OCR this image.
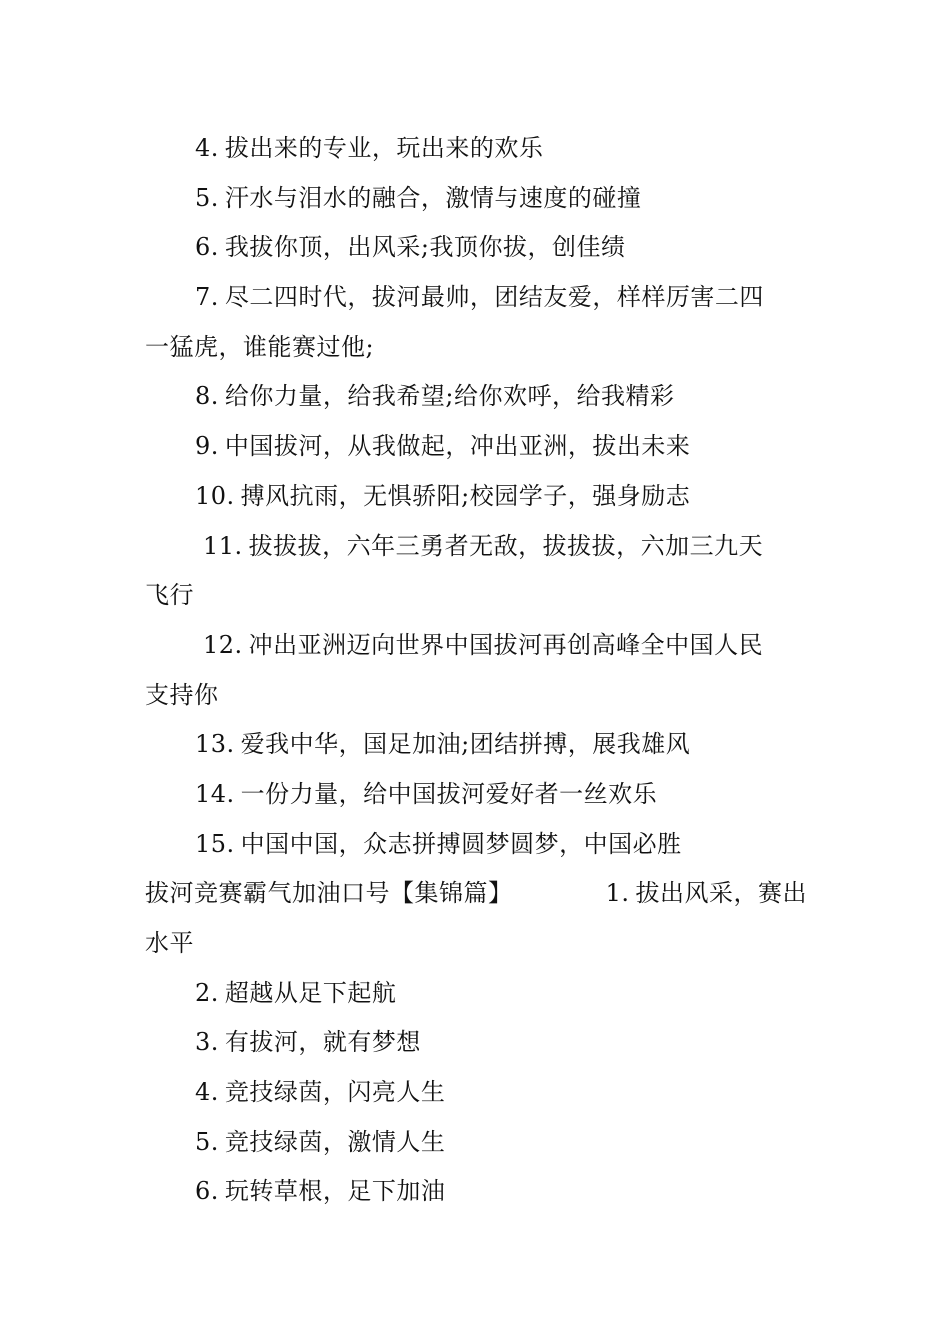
4. 拔出来的专业，玩出来的欢乐
5. 汗水与泪水的融合，激情与速度的碰撞
6. 我拔你顶，出风采;我顶你拔，创佳绩
7. 尽二四时代，拔河最帅，团结友爱，样样厉害二四
一猛虎，谁能赛过他;
8. 给你力量，给我希望;给你欢呼，给我精彩
9. 中国拔河，从我做起，冲出亚洲，拔出未来
10. 搏风抗雨，无惧骄阳;校园学子，强身励志
11. 拔拔拔，六年三勇者无敌，拔拔拔，六加三九天
飞行
12. 冲出亚洲迈向世界中国拔河再创高峰全中国人民
支持你
13. 爱我中华，国足加油;团结拼搏，展我雄风
14. 一份力量，给中国拔河爱好者一丝欢乐
15. 中国中国，众志拼搏圆梦圆梦，中国必胜
拔河竞赛霸气加油口号【集锦篇】	1. 拔出风采，赛出
水平
2. 超越从足下起航
3. 有拔河，就有梦想
4. 竞技绿茵，闪亮人生
5. 竞技绿茵，激情人生
6. 玩转草根，足下加油
